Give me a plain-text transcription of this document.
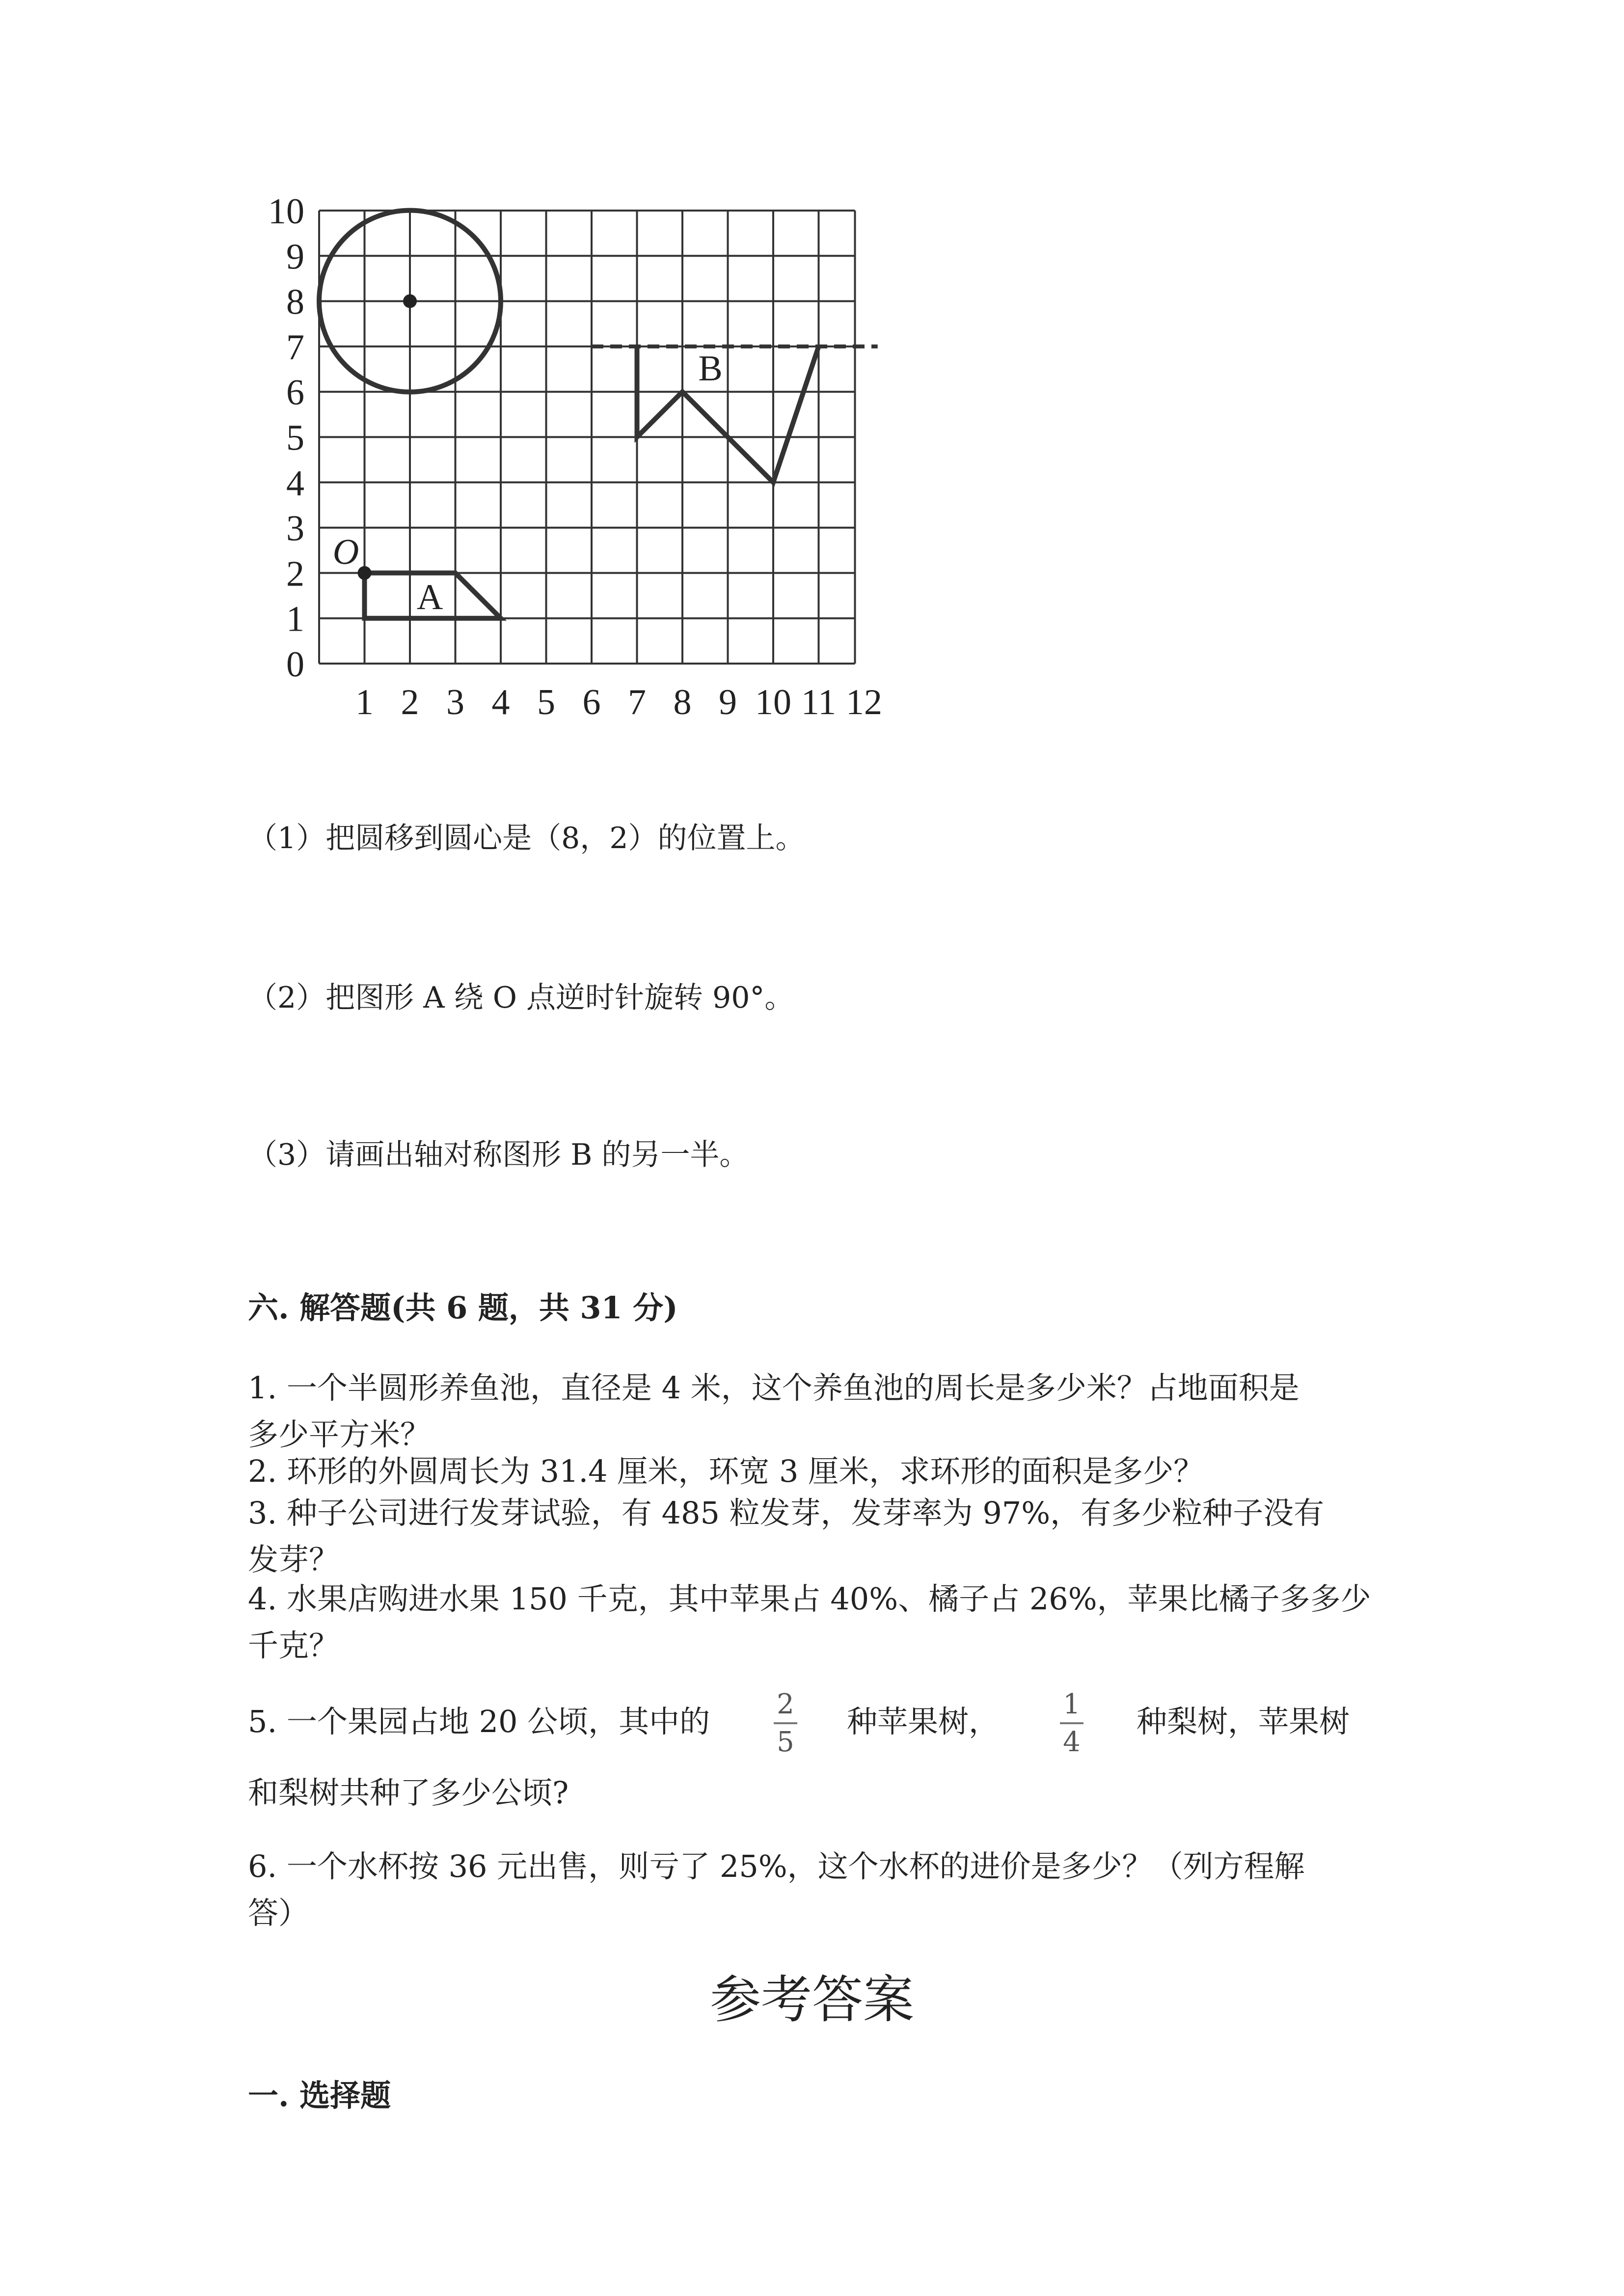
0
1
2
3
4
5
6
7
8
9
10
1 2 3 4 5 6 7 8 9 10 11 12
O
A
B
（1）把圆移到圆心是（8，2）的位置上。
（2）把图形 A 绕 O 点逆时针旋转 90°。
（3）请画出轴对称图形 B 的另一半。
六. 解答题(共 6 题，共 31 分)
1. 一个半圆形养鱼池，直径是 4 米，这个养鱼池的周长是多少米？占地面积是
多少平方米？
2. 环形的外圆周长为 31.4 厘米，环宽 3 厘米，求环形的面积是多少？
3. 种子公司进行发芽试验，有 485 粒发芽，发芽率为 97%，有多少粒种子没有
发芽？
4. 水果店购进水果 150 千克，其中苹果占 40%、橘子占 26%，苹果比橘子多多少
千克？
5. 一个果园占地 20 公顷，其中的 2
5
种苹果树， 1
4
种梨树，苹果树
和梨树共种了多少公顷?
6. 一个水杯按 36 元出售，则亏了 25%，这个水杯的进价是多少？（列方程解
答）
参考答案
一. 选择题
